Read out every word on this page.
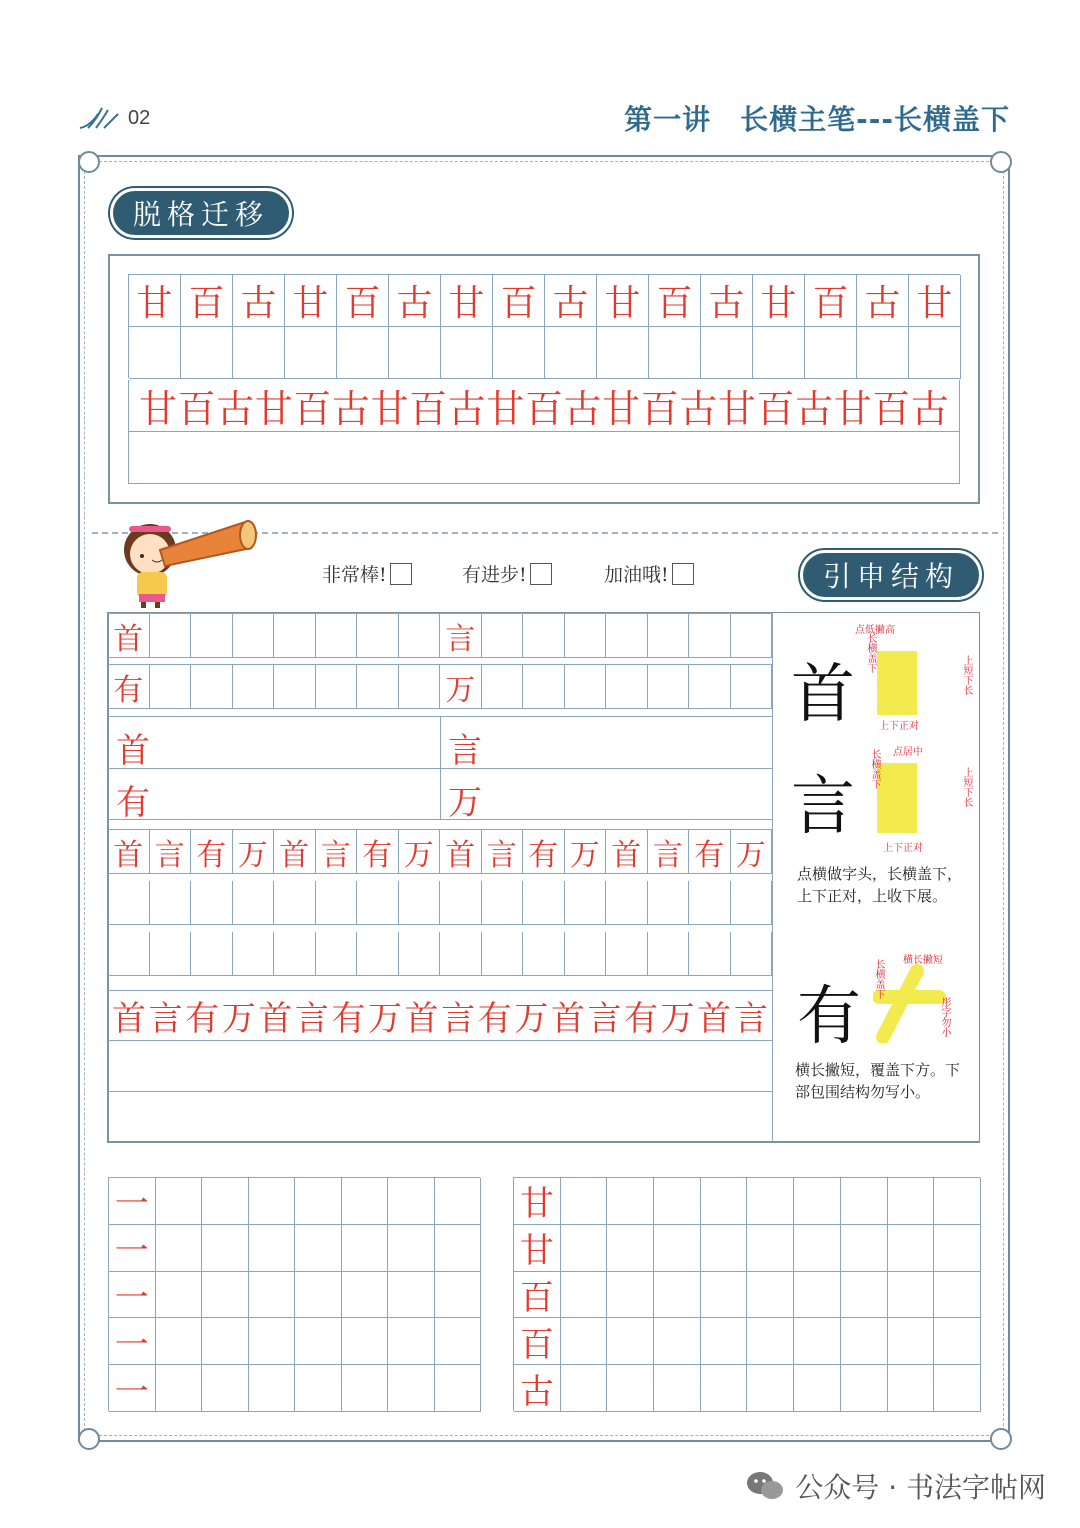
02	第一讲　长横主笔---长横盖下
脱格迁移
甘 百 古 甘 百 古 甘 百 古 甘 百 古 甘 百 古 甘
甘 百 古 甘 百 古 甘 百 古 甘 百 古 甘 百 古 甘 百 古 甘 百 古
非常棒!	有进步!	加油哦!	引申结构
首	言
有	万
首	言
有	万
首 言 有 万 首 言 有 万 首 言 有 万 首 言 有 万
首 言 有 万 首 言 有 万 首 言 有 万 首 言 有 万 首 言
首
点低撇高
长横盖下
上短下长
上下正对
言
点居中
长横盖下	上短下长
上下正对
点横做字头，长横盖下，上下正对，上收下展。
有
横长撇短
长横盖下
彤字勿小
横长撇短，覆盖下方。下部包围结构勿写小。
一
一
一
一
一
甘
甘
百
百
古
公众号 · 书法字帖网
